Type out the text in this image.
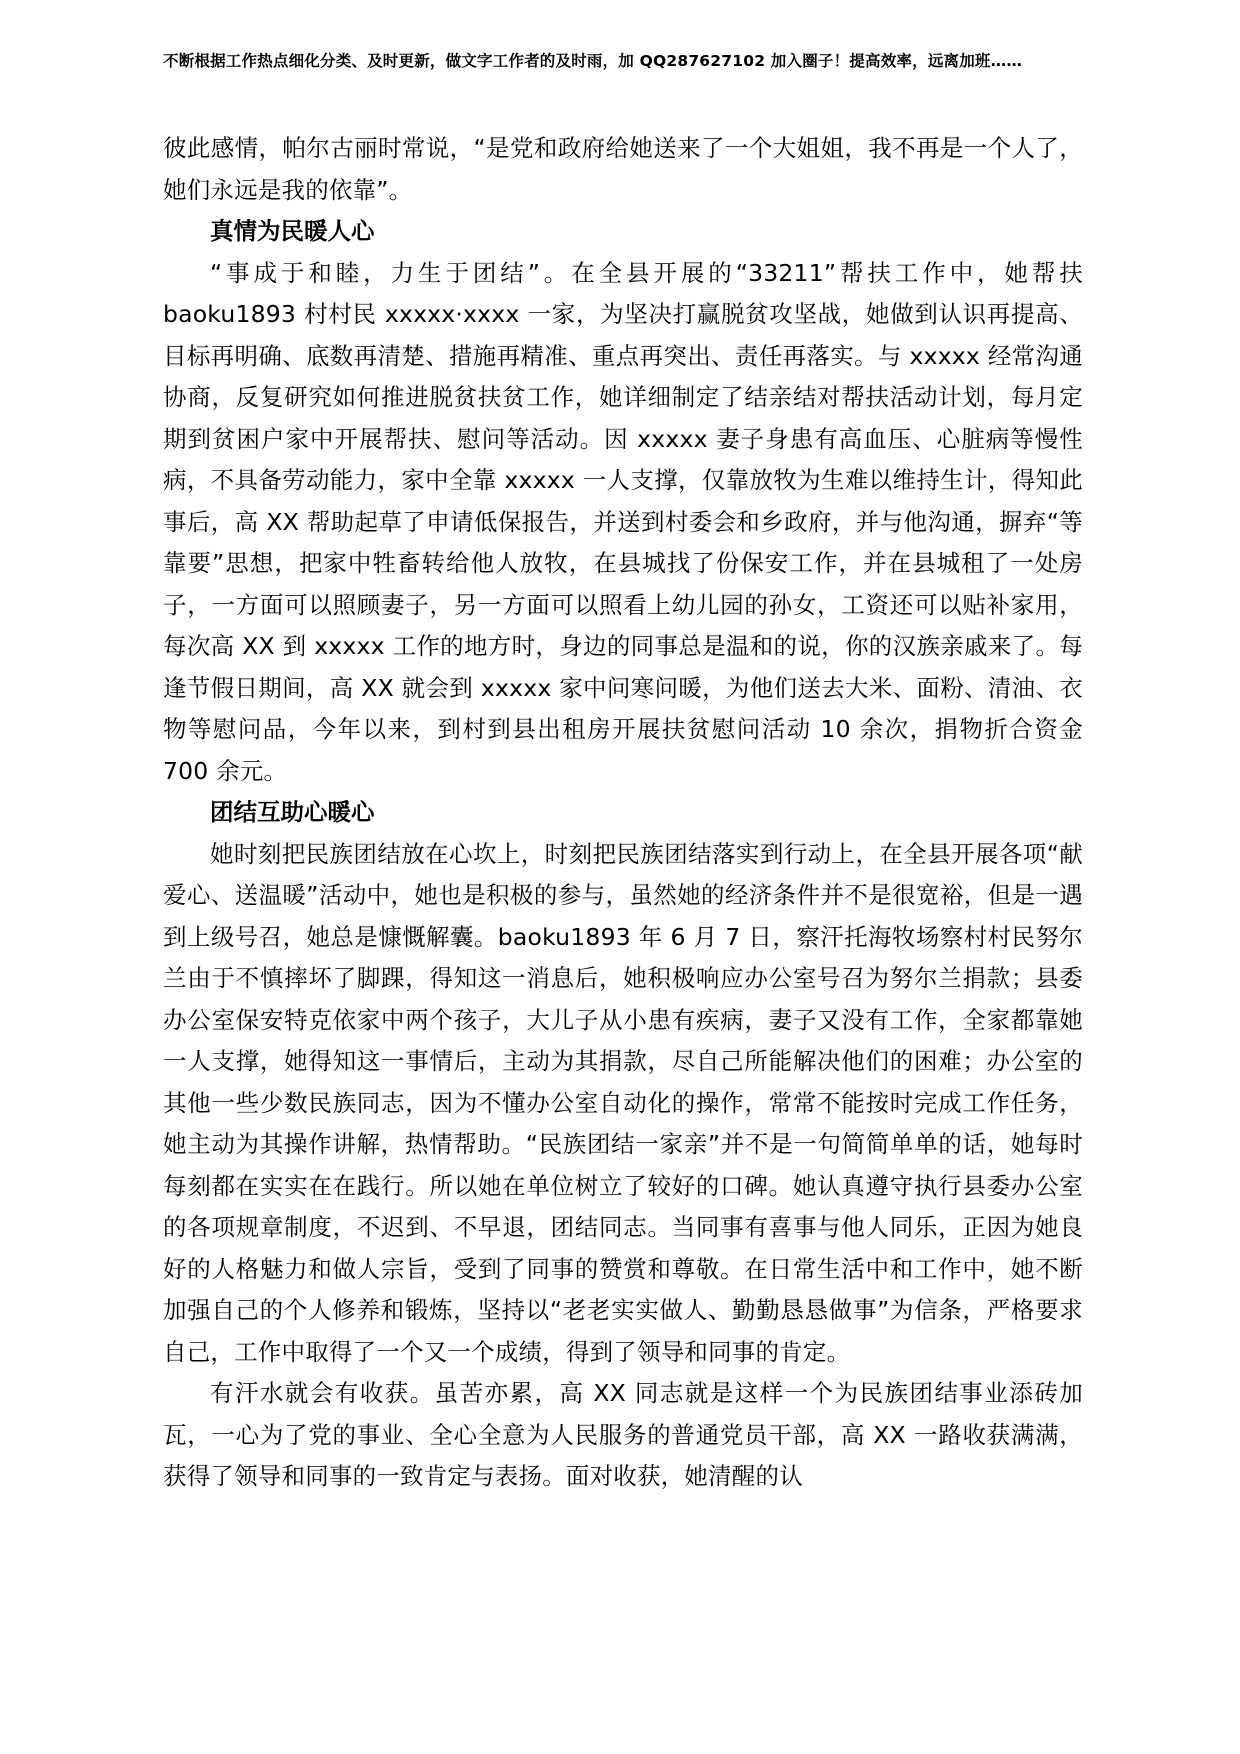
不断根据工作热点细化分类、及时更新，做文字工作者的及时雨，加 QQ287627102 加入圈子！提高效率，远离加班……

彼此感情，帕尔古丽时常说，“是党和政府给她送来了一个大姐姐，我不再是一个人了，她们永远是我的依靠”。

真情为民暖人心

“事成于和睦，力生于团结”。在全县开展的“33211”帮扶工作中，她帮扶baoku1893 村村民 xxxxx·xxxx 一家，为坚决打赢脱贫攻坚战，她做到认识再提高、目标再明确、底数再清楚、措施再精准、重点再突出、责任再落实。与 xxxxx 经常沟通协商，反复研究如何推进脱贫扶贫工作，她详细制定了结亲结对帮扶活动计划，每月定期到贫困户家中开展帮扶、慰问等活动。因 xxxxx 妻子身患有高血压、心脏病等慢性病，不具备劳动能力，家中全靠 xxxxx 一人支撑，仅靠放牧为生难以维持生计，得知此事后，高 XX 帮助起草了申请低保报告，并送到村委会和乡政府，并与他沟通，摒弃“等靠要”思想，把家中牲畜转给他人放牧，在县城找了份保安工作，并在县城租了一处房子，一方面可以照顾妻子，另一方面可以照看上幼儿园的孙女，工资还可以贴补家用，每次高 XX 到 xxxxx 工作的地方时，身边的同事总是温和的说，你的汉族亲戚来了。每逢节假日期间，高 XX 就会到 xxxxx 家中问寒问暖，为他们送去大米、面粉、清油、衣物等慰问品，今年以来，到村到县出租房开展扶贫慰问活动 10 余次，捐物折合资金 700 余元。

团结互助心暖心

她时刻把民族团结放在心坎上，时刻把民族团结落实到行动上，在全县开展各项“献爱心、送温暖”活动中，她也是积极的参与，虽然她的经济条件并不是很宽裕，但是一遇到上级号召，她总是慷慨解囊。baoku1893 年 6 月 7 日，察汗托海牧场察村村民努尔兰由于不慎摔坏了脚踝，得知这一消息后，她积极响应办公室号召为努尔兰捐款；县委办公室保安特克依家中两个孩子，大儿子从小患有疾病，妻子又没有工作，全家都靠她一人支撑，她得知这一事情后，主动为其捐款，尽自己所能解决他们的困难；办公室的其他一些少数民族同志，因为不懂办公室自动化的操作，常常不能按时完成工作任务，她主动为其操作讲解，热情帮助。“民族团结一家亲”并不是一句简简单单的话，她每时每刻都在实实在在践行。所以她在单位树立了较好的口碑。她认真遵守执行县委办公室的各项规章制度，不迟到、不早退，团结同志。当同事有喜事与他人同乐，正因为她良好的人格魅力和做人宗旨，受到了同事的赞赏和尊敬。在日常生活中和工作中，她不断加强自己的个人修养和锻炼，坚持以“老老实实做人、勤勤恳恳做事”为信条，严格要求自己，工作中取得了一个又一个成绩，得到了领导和同事的肯定。

有汗水就会有收获。虽苦亦累，高 XX 同志就是这样一个为民族团结事业添砖加瓦，一心为了党的事业、全心全意为人民服务的普通党员干部，高 XX 一路收获满满，获得了领导和同事的一致肯定与表扬。面对收获，她清醒的认
